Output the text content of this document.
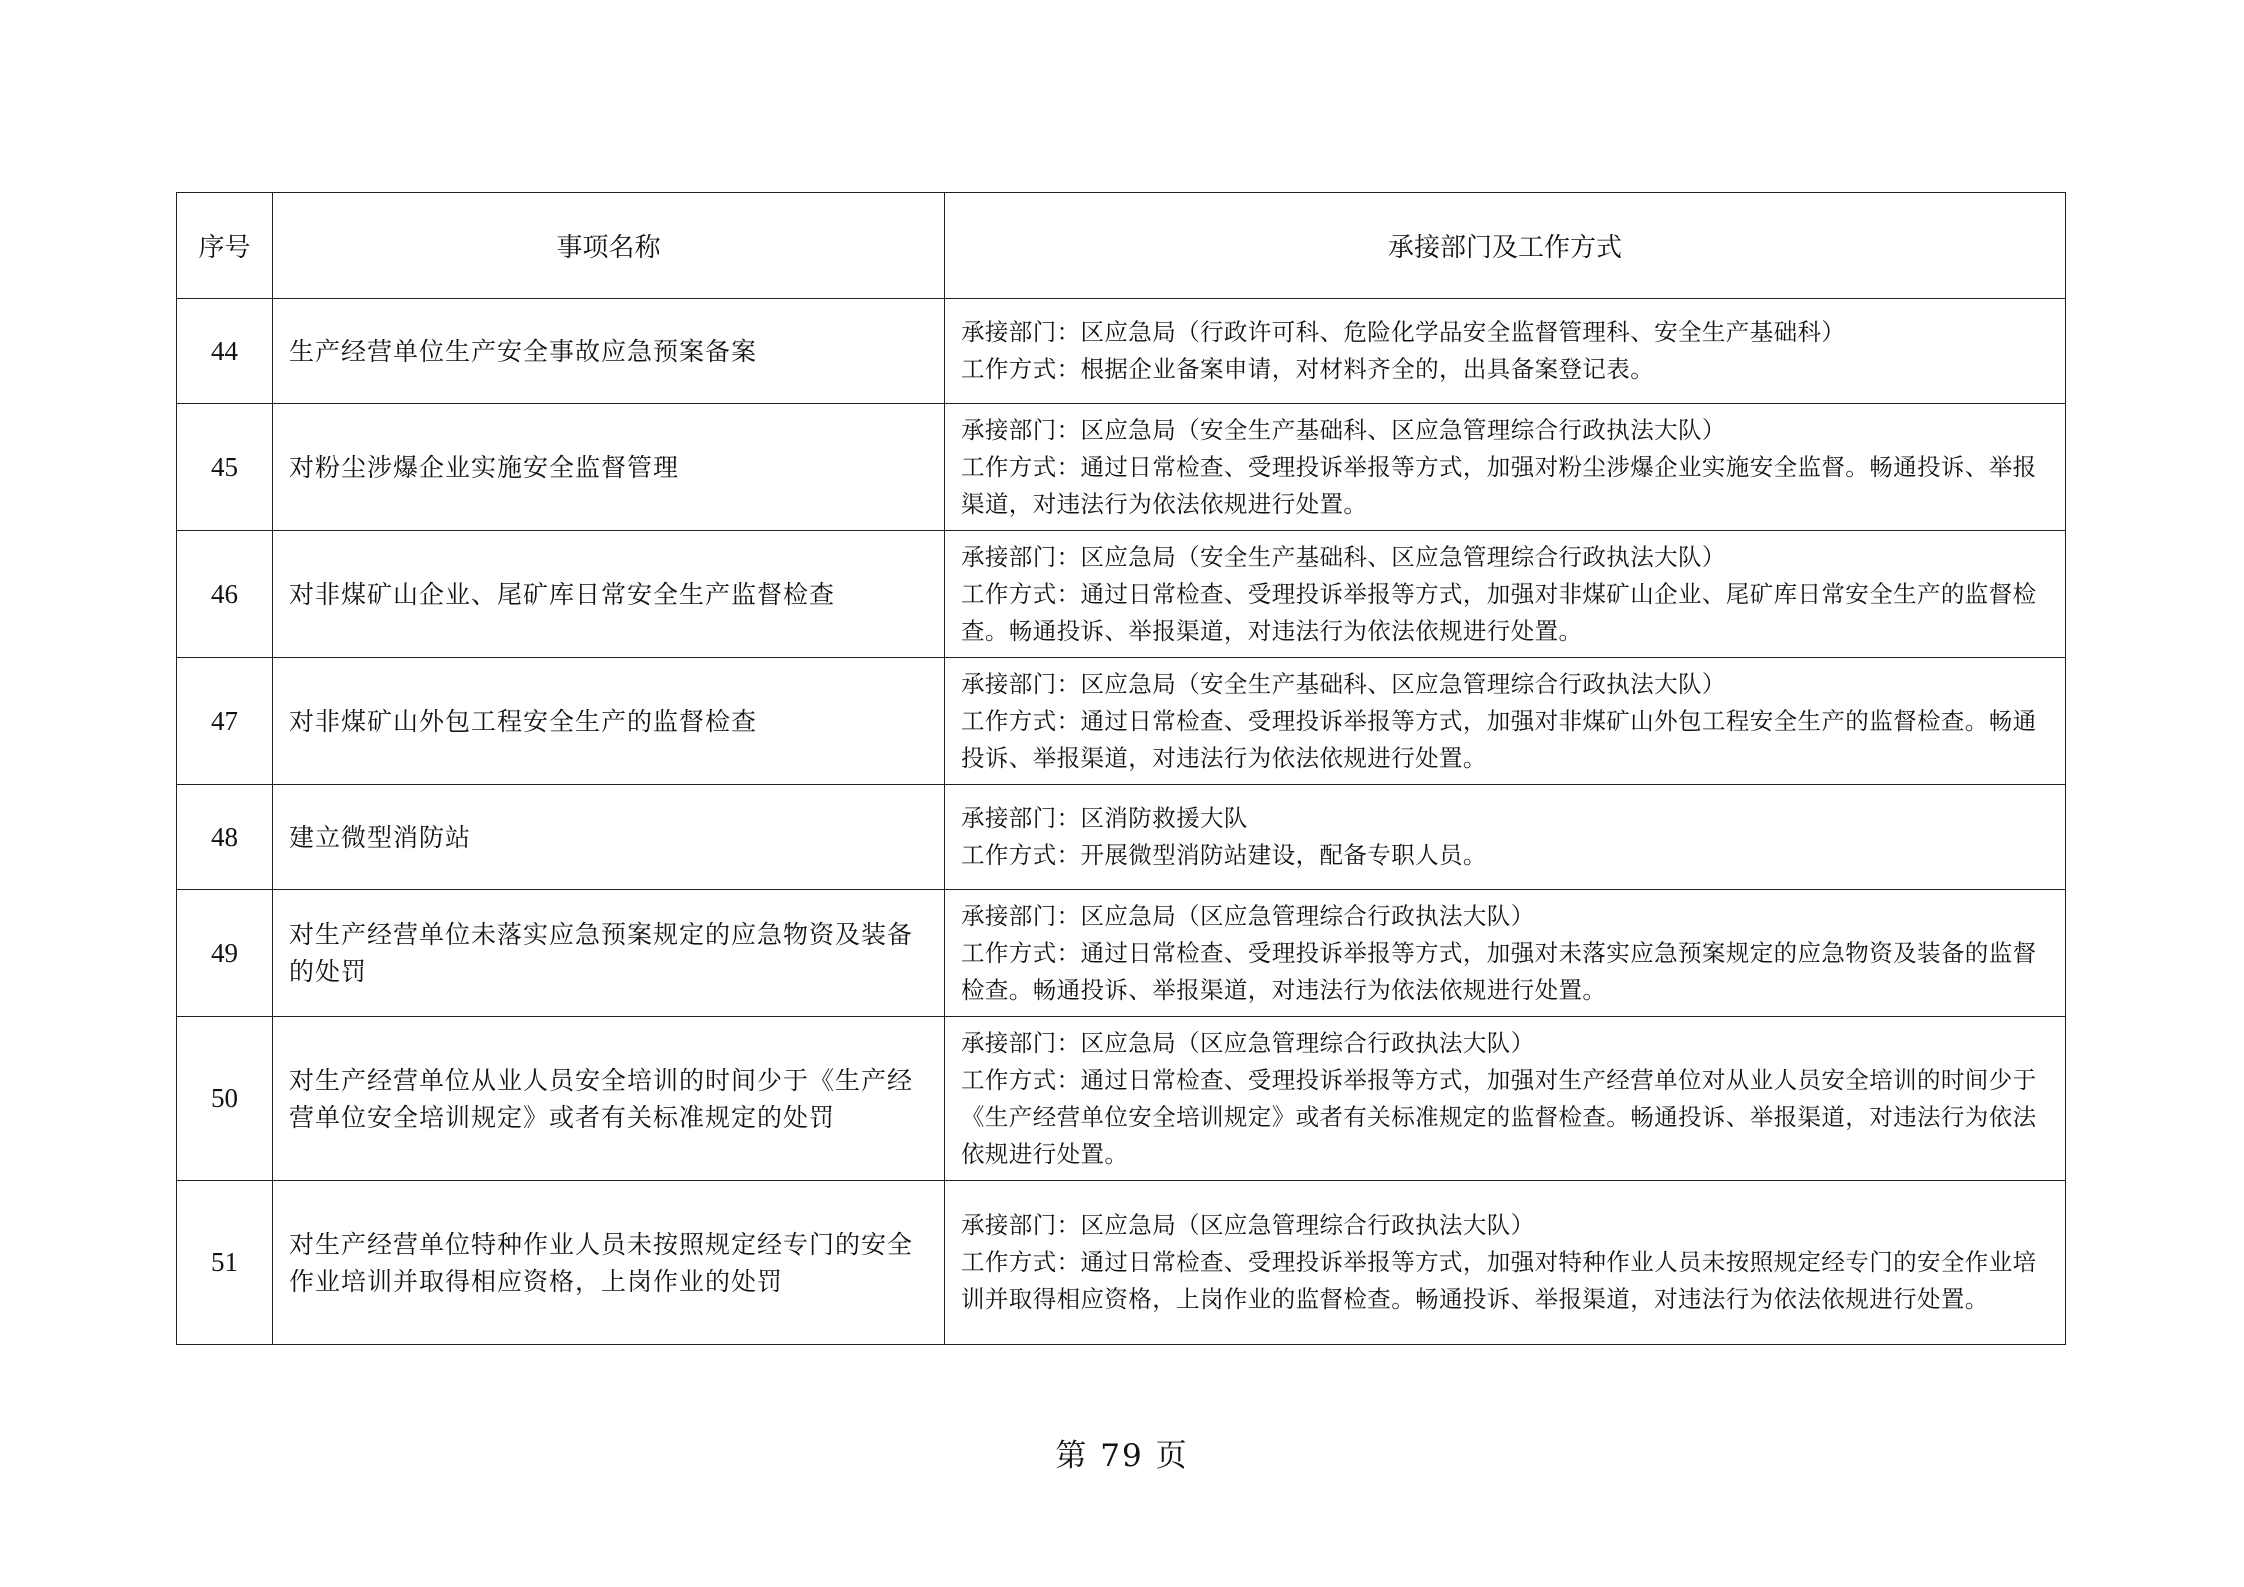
序号	事项名称	承接部门及工作方式
44	生产经营单位生产安全事故应急预案备案	承接部门：区应急局（行政许可科、危险化学品安全监督管理科、安全生产基础科）
工作方式：根据企业备案申请，对材料齐全的，出具备案登记表。

45	对粉尘涉爆企业实施安全监督管理	承接部门：区应急局（安全生产基础科、区应急管理综合行政执法大队）
工作方式：通过日常检查、受理投诉举报等方式，加强对粉尘涉爆企业实施安全监督。畅通投诉、举报渠道，对违法行为依法依规进行处置。

46	对非煤矿山企业、尾矿库日常安全生产监督检查	承接部门：区应急局（安全生产基础科、区应急管理综合行政执法大队）
工作方式：通过日常检查、受理投诉举报等方式，加强对非煤矿山企业、尾矿库日常安全生产的监督检查。畅通投诉、举报渠道，对违法行为依法依规进行处置。

47	对非煤矿山外包工程安全生产的监督检查	承接部门：区应急局（安全生产基础科、区应急管理综合行政执法大队）
工作方式：通过日常检查、受理投诉举报等方式，加强对非煤矿山外包工程安全生产的监督检查。畅通投诉、举报渠道，对违法行为依法依规进行处置。

48	建立微型消防站	承接部门：区消防救援大队
工作方式：开展微型消防站建设，配备专职人员。

49	对生产经营单位未落实应急预案规定的应急物资及装备的处罚	承接部门：区应急局（区应急管理综合行政执法大队）
工作方式：通过日常检查、受理投诉举报等方式，加强对未落实应急预案规定的应急物资及装备的监督检查。畅通投诉、举报渠道，对违法行为依法依规进行处置。

50	对生产经营单位从业人员安全培训的时间少于《生产经营单位安全培训规定》或者有关标准规定的处罚	承接部门：区应急局（区应急管理综合行政执法大队）
工作方式：通过日常检查、受理投诉举报等方式，加强对生产经营单位对从业人员安全培训的时间少于《生产经营单位安全培训规定》或者有关标准规定的监督检查。畅通投诉、举报渠道，对违法行为依法依规进行处置。

51	对生产经营单位特种作业人员未按照规定经专门的安全作业培训并取得相应资格，上岗作业的处罚	承接部门：区应急局（区应急管理综合行政执法大队）
工作方式：通过日常检查、受理投诉举报等方式，加强对特种作业人员未按照规定经专门的安全作业培训并取得相应资格，上岗作业的监督检查。畅通投诉、举报渠道，对违法行为依法依规进行处置。
第 79 页
